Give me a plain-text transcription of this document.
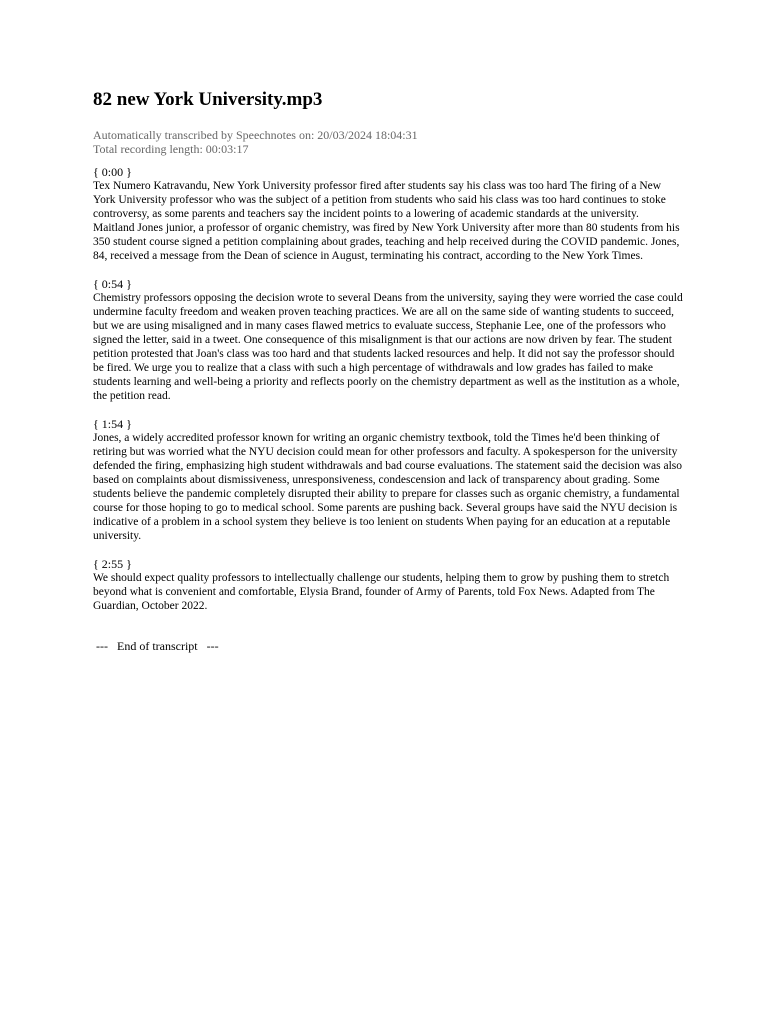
82 new York University.mp3
Automatically transcribed by Speechnotes on: 20/03/2024 18:04:31
Total recording length: 00:03:17
{ 0:00 }
Tex Numero Katravandu, New York University professor fired after students say his class was too hard The firing of a New York University professor who was the subject of a petition from students who said his class was too hard continues to stoke controversy, as some parents and teachers say the incident points to a lowering of academic standards at the university. Maitland Jones junior, a professor of organic chemistry, was fired by New York University after more than 80 students from his 350 student course signed a petition complaining about grades, teaching and help received during the COVID pandemic. Jones, 84, received a message from the Dean of science in August, terminating his contract, according to the New York Times.
{ 0:54 }
Chemistry professors opposing the decision wrote to several Deans from the university, saying they were worried the case could undermine faculty freedom and weaken proven teaching practices. We are all on the same side of wanting students to succeed, but we are using misaligned and in many cases flawed metrics to evaluate success, Stephanie Lee, one of the professors who signed the letter, said in a tweet. One consequence of this misalignment is that our actions are now driven by fear. The student petition protested that Joan's class was too hard and that students lacked resources and help. It did not say the professor should be fired. We urge you to realize that a class with such a high percentage of withdrawals and low grades has failed to make students learning and well-being a priority and reflects poorly on the chemistry department as well as the institution as a whole, the petition read.
{ 1:54 }
Jones, a widely accredited professor known for writing an organic chemistry textbook, told the Times he'd been thinking of retiring but was worried what the NYU decision could mean for other professors and faculty. A spokesperson for the university defended the firing, emphasizing high student withdrawals and bad course evaluations. The statement said the decision was also based on complaints about dismissiveness, unresponsiveness, condescension and lack of transparency about grading. Some students believe the pandemic completely disrupted their ability to prepare for classes such as organic chemistry, a fundamental course for those hoping to go to medical school. Some parents are pushing back. Several groups have said the NYU decision is indicative of a problem in a school system they believe is too lenient on students When paying for an education at a reputable university.
{ 2:55 }
We should expect quality professors to intellectually challenge our students, helping them to grow by pushing them to stretch beyond what is convenient and comfortable, Elysia Brand, founder of Army of Parents, told Fox News. Adapted from The Guardian, October 2022.
---   End of transcript   ---
